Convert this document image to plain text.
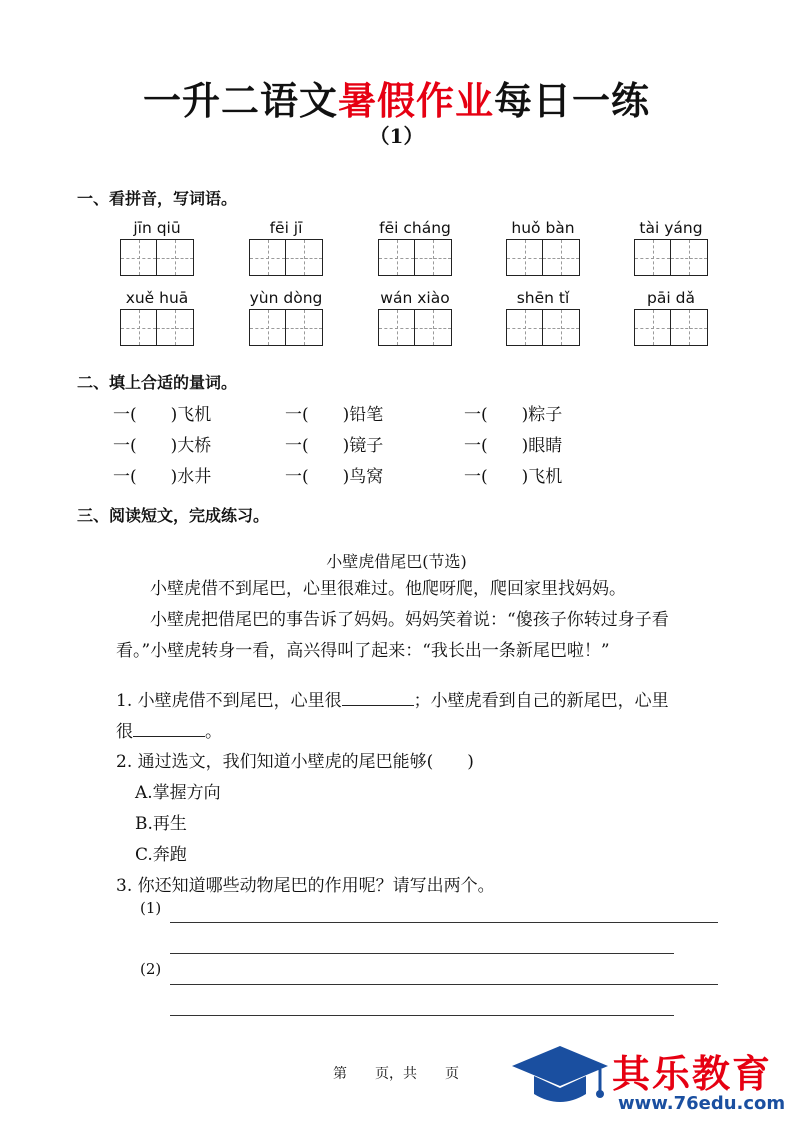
一升二语文暑假作业每日一练
（1）
一、看拼音，写词语。
jīn qiū	fēi jī	fēi cháng	huǒ bàn	tài yáng
xuě huā	yùn dòng	wán xiào	shēn tǐ	pāi dǎ
二、填上合适的量词。
一(　　)飞机	一(　　)铅笔	一(　　)粽子
一(　　)大桥	一(　　)镜子	一(　　)眼睛
一(　　)水井	一(　　)鸟窝	一(　　)飞机
三、阅读短文，完成练习。
小壁虎借尾巴(节选)
小壁虎借不到尾巴，心里很难过。他爬呀爬，爬回家里找妈妈。
小壁虎把借尾巴的事告诉了妈妈。妈妈笑着说：“傻孩子你转过身子看
看。”小壁虎转身一看，高兴得叫了起来：“我长出一条新尾巴啦！”
1. 小壁虎借不到尾巴，心里很	；小壁虎看到自己的新尾巴，心里
很	。
2. 通过选文，我们知道小壁虎的尾巴能够(　　)
A.掌握方向
B.再生
C.奔跑
3. 你还知道哪些动物尾巴的作用呢？请写出两个。
(1)
(2)
第　　页，共　　页	其乐教育
www.76edu.com
